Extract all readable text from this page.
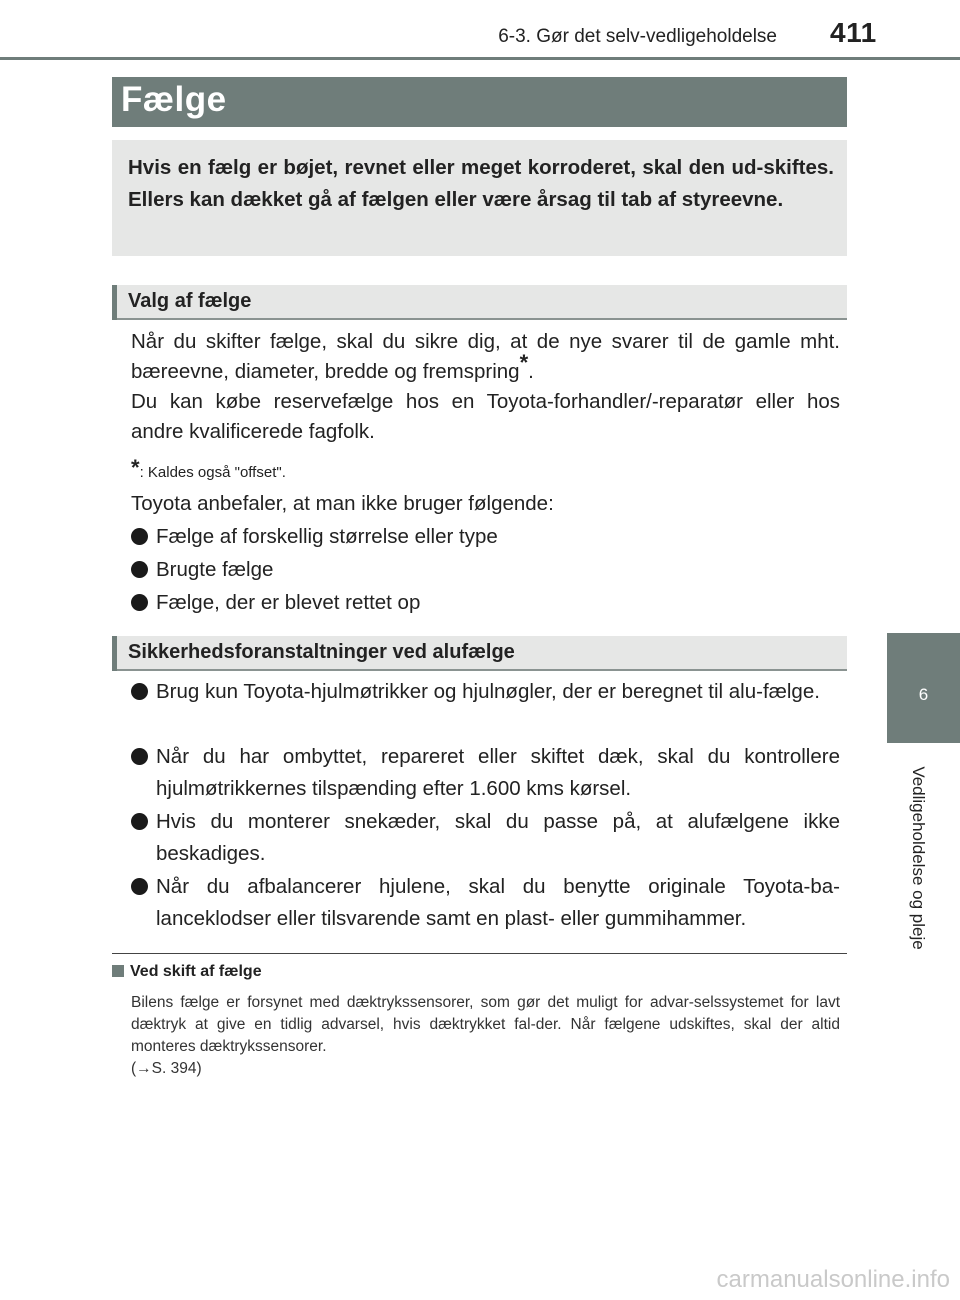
6-3. Gør det selv-vedligeholdelse 411
6
Vedligeholdelse og pleje
Fælge
Hvis en fælg er bøjet, revnet eller meget korroderet, skal den ud-skiftes. Ellers kan dækket gå af fælgen eller være årsag til tab af styreevne.
Valg af fælge
Når du skifter fælge, skal du sikre dig, at de nye svarer til de gamle mht. bæreevne, diameter, bredde og fremspring*.
Du kan købe reservefælge hos en Toyota-forhandler/-reparatør eller hos andre kvalificerede fagfolk.
*: Kaldes også "offset".
Toyota anbefaler, at man ikke bruger følgende:
Fælge af forskellig størrelse eller type
Brugte fælge
Fælge, der er blevet rettet op
Sikkerhedsforanstaltninger ved alufælge
Brug kun Toyota-hjulmøtrikker og hjulnøgler, der er beregnet til alu-fælge.
Når du har ombyttet, repareret eller skiftet dæk, skal du kontrollere hjulmøtrikkernes tilspænding efter 1.600 kms kørsel.
Hvis du monterer snekæder, skal du passe på, at alufælgene ikke beskadiges.
Når du afbalancerer hjulene, skal du benytte originale Toyota-ba-lanceklodser eller tilsvarende samt en plast- eller gummihammer.
Ved skift af fælge
Bilens fælge er forsynet med dæktrykssensorer, som gør det muligt for advar-selssystemet for lavt dæktryk at give en tidlig advarsel, hvis dæktrykket fal-der. Når fælgene udskiftes, skal der altid monteres dæktrykssensorer.
(→S. 394)
carmanualsonline.info
